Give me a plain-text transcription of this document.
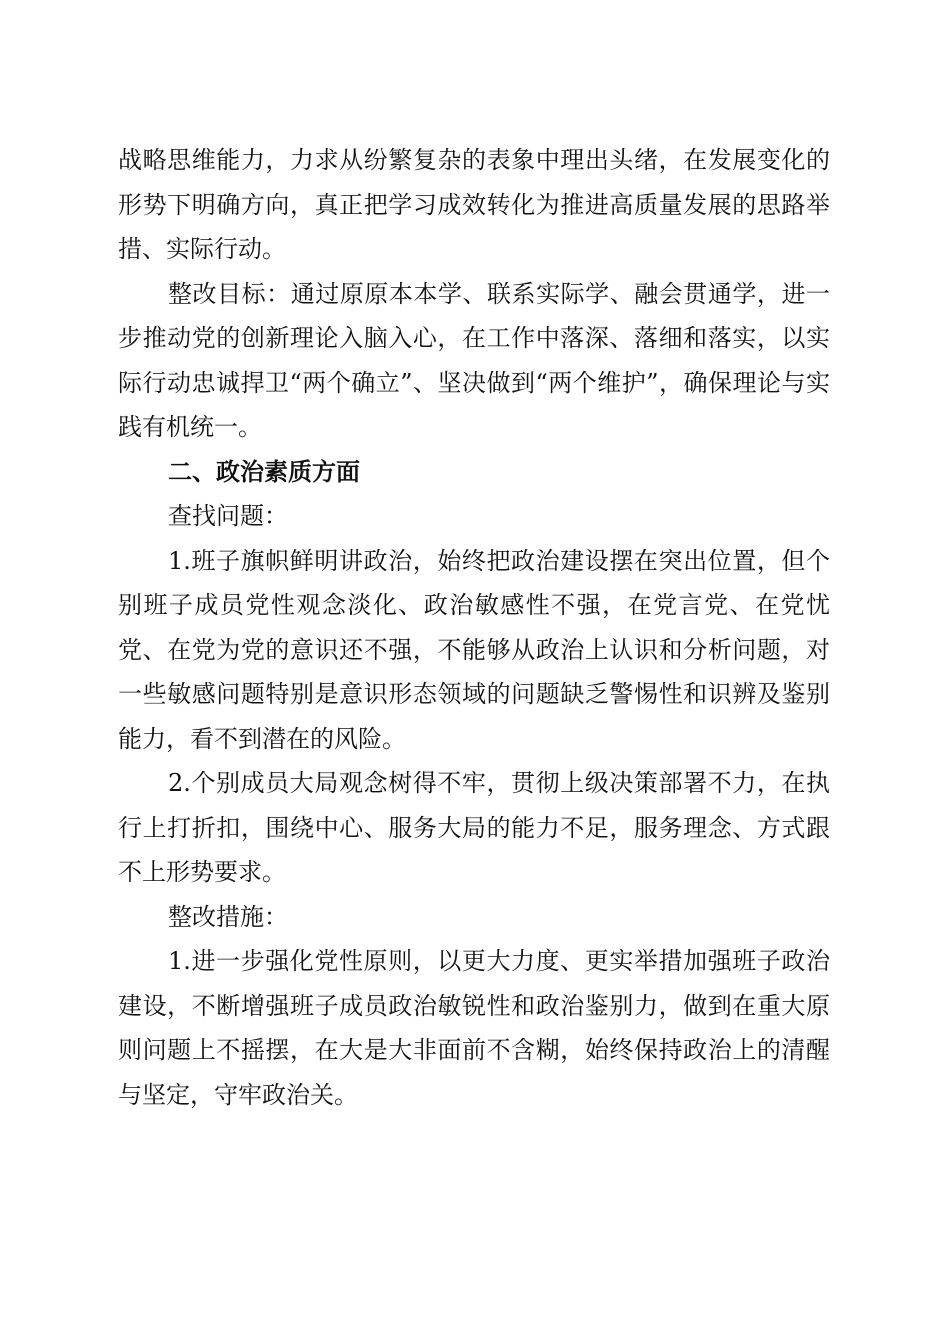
战略思维能力，力求从纷繁复杂的表象中理出头绪，在发展变化的形势下明确方向，真正把学习成效转化为推进高质量发展的思路举措、实际行动。

整改目标：通过原原本本学、联系实际学、融会贯通学，进一步推动党的创新理论入脑入心，在工作中落深、落细和落实，以实际行动忠诚捍卫“两个确立”、坚决做到“两个维护”，确保理论与实践有机统一。

二、政治素质方面

查找问题：

1.班子旗帜鲜明讲政治，始终把政治建设摆在突出位置，但个别班子成员党性观念淡化、政治敏感性不强，在党言党、在党忧党、在党为党的意识还不强，不能够从政治上认识和分析问题，对一些敏感问题特别是意识形态领域的问题缺乏警惕性和识辨及鉴别能力，看不到潜在的风险。

2.个别成员大局观念树得不牢，贯彻上级决策部署不力，在执行上打折扣，围绕中心、服务大局的能力不足，服务理念、方式跟不上形势要求。

整改措施：

1.进一步强化党性原则，以更大力度、更实举措加强班子政治建设，不断增强班子成员政治敏锐性和政治鉴别力，做到在重大原则问题上不摇摆，在大是大非面前不含糊，始终保持政治上的清醒与坚定，守牢政治关。
